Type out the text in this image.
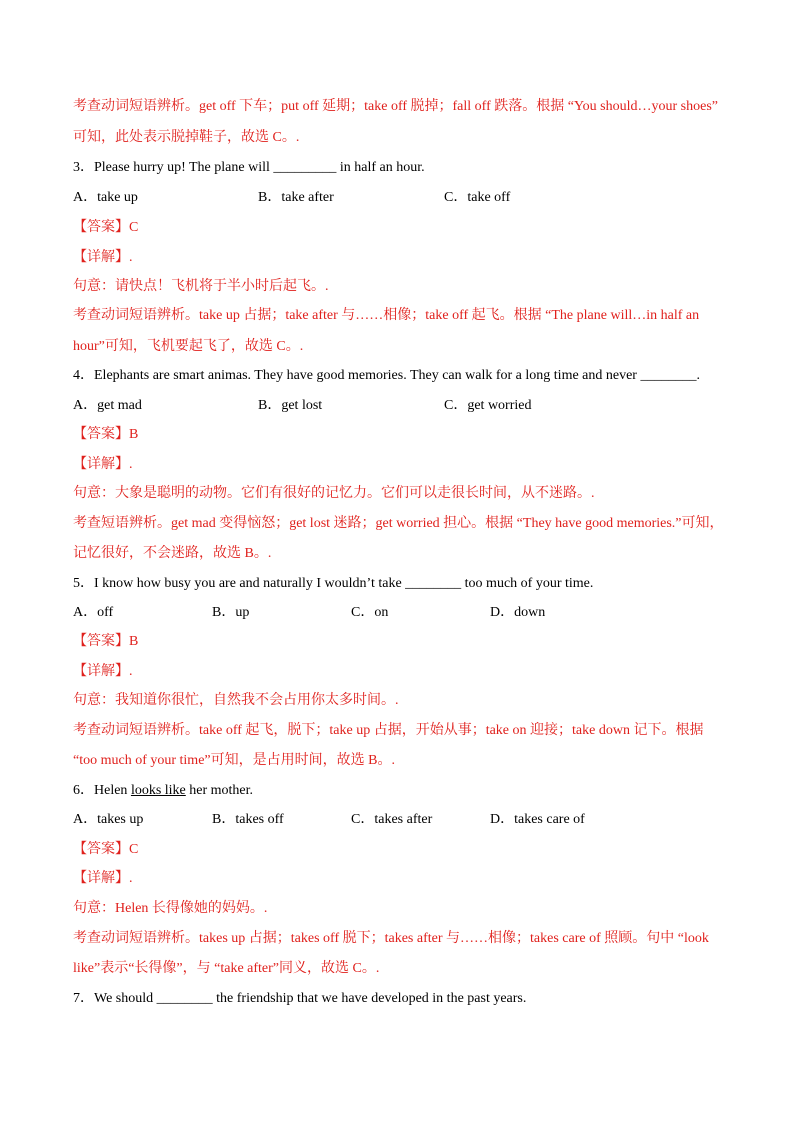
考查动词短语辨析。get off 下车；put off 延期；take off 脱掉；fall off 跌落。根据 “You should…your shoes”
可知，此处表示脱掉鞋子，故选 C。.
3．Please hurry up! The plane will _________ in half an hour.
A．take up	B．take after	C．take off
【答案】C
【详解】.
句意：请快点！飞机将于半小时后起飞。.
考查动词短语辨析。take up 占据；take after 与……相像；take off 起飞。根据 “The plane will…in half an
hour”可知，飞机要起飞了，故选 C。.
4．Elephants are smart animas. They have good memories. They can walk for a long time and never ________.
A．get mad	B．get lost	C．get worried
【答案】B
【详解】.
句意：大象是聪明的动物。它们有很好的记忆力。它们可以走很长时间，从不迷路。.
考查短语辨析。get mad 变得恼怒；get lost 迷路；get worried 担心。根据 “They have good memories.”可知，
记忆很好，不会迷路，故选 B。.
5．I know how busy you are and naturally I wouldn’t take ________ too much of your time.
A．off	B．up	C．on	D．down
【答案】B
【详解】.
句意：我知道你很忙，自然我不会占用你太多时间。.
考查动词短语辨析。take off 起飞，脱下；take up 占据，开始从事；take on 迎接；take down 记下。根据
“too much of your time”可知，是占用时间，故选 B。.
6．Helen looks like her mother.
A．takes up	B．takes off	C．takes after	D．takes care of
【答案】C
【详解】.
句意：Helen 长得像她的妈妈。.
考查动词短语辨析。takes up 占据；takes off 脱下；takes after 与……相像；takes care of 照顾。句中 “look
like”表示“长得像”，与 “take after”同义，故选 C。.
7．We should ________ the friendship that we have developed in the past years.
